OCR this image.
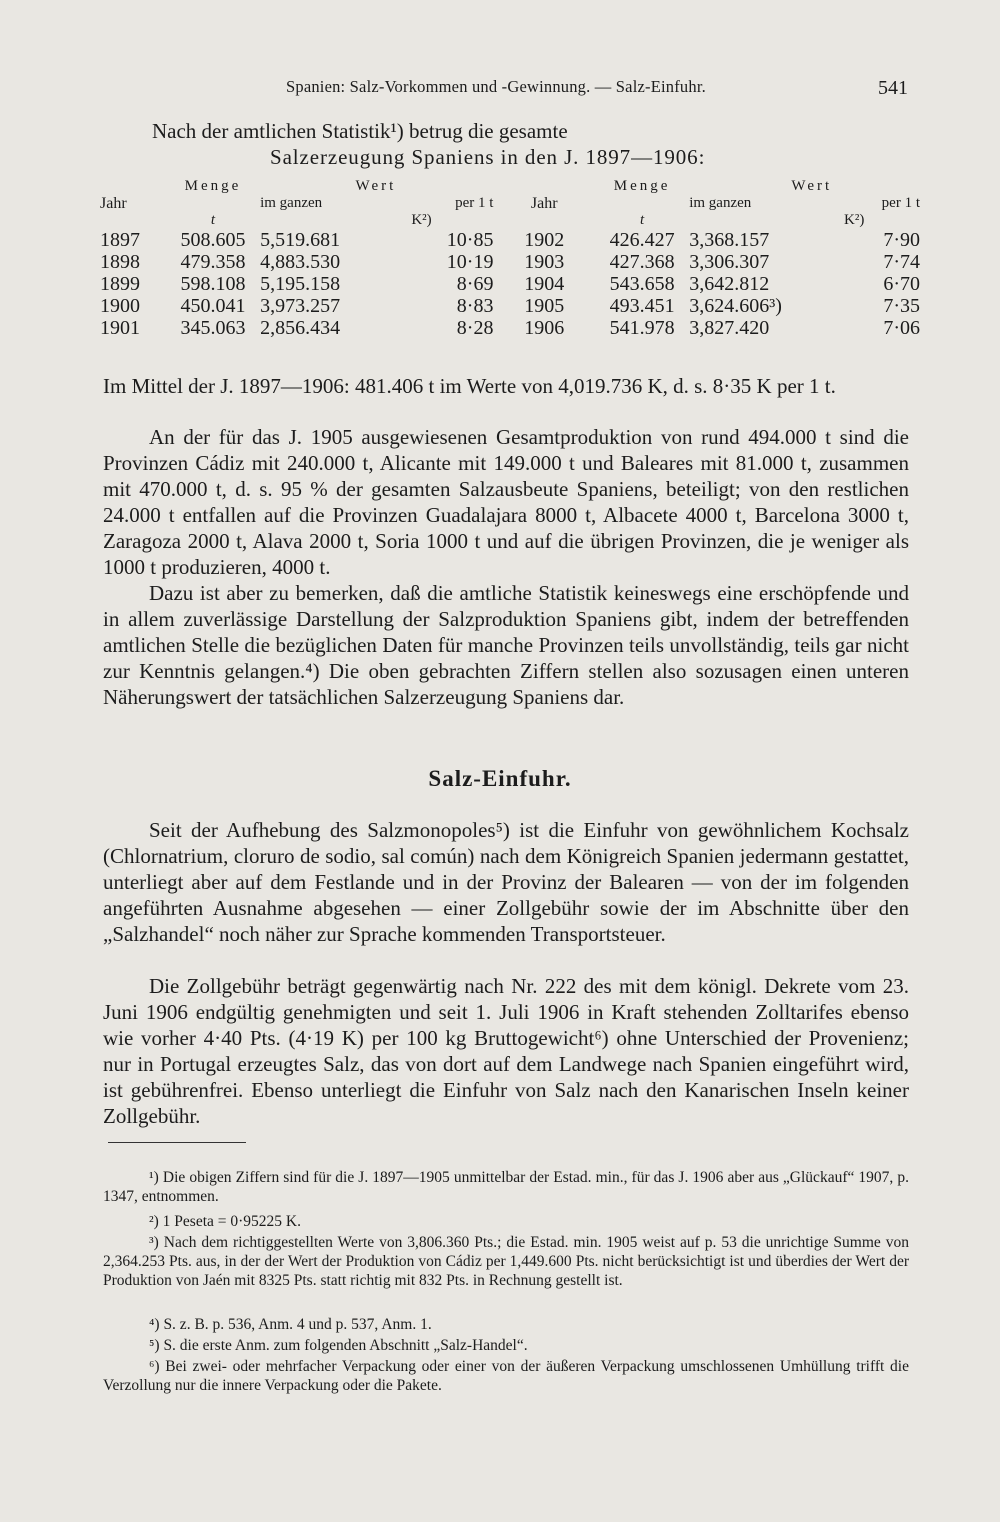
Spanien: Salz-Vorkommen und -Gewinnung. — Salz-Einfuhr.	541

Nach der amtlichen Statistik¹) betrug die gesamte

Salzerzeugung Spaniens in den J. 1897—1906:

	Menge	Wert			Menge	Wert	
Jahr		im ganzen	per 1 t	Jahr		im ganzen	per 1 t
	t	K²)			t	K²)	
1897	508.605	5,519.681	10·85	1902	426.427	3,368.157	7·90
1898	479.358	4,883.530	10·19	1903	427.368	3,306.307	7·74
1899	598.108	5,195.158	8·69	1904	543.658	3,642.812	6·70
1900	450.041	3,973.257	8·83	1905	493.451	3,624.606³)	7·35
1901	345.063	2,856.434	8·28	1906	541.978	3,827.420	7·06

Im Mittel der J. 1897—1906: 481.406 t im Werte von 4,019.736 K, d. s. 8·35 K per 1 t.

An der für das J. 1905 ausgewiesenen Gesamtproduktion von rund 494.000 t sind die Provinzen Cádiz mit 240.000 t, Alicante mit 149.000 t und Baleares mit 81.000 t, zusammen mit 470.000 t, d. s. 95 % der gesamten Salzausbeute Spaniens, beteiligt; von den restlichen 24.000 t entfallen auf die Provinzen Guadalajara 8000 t, Albacete 4000 t, Barcelona 3000 t, Zaragoza 2000 t, Alava 2000 t, Soria 1000 t und auf die übrigen Provinzen, die je weniger als 1000 t produzieren, 4000 t.

Dazu ist aber zu bemerken, daß die amtliche Statistik keineswegs eine erschöpfende und in allem zuverlässige Darstellung der Salzproduktion Spaniens gibt, indem der betreffenden amtlichen Stelle die bezüglichen Daten für manche Provinzen teils unvollständig, teils gar nicht zur Kenntnis gelangen.⁴) Die oben gebrachten Ziffern stellen also sozusagen einen unteren Näherungswert der tatsächlichen Salzerzeugung Spaniens dar.

Salz-Einfuhr.

Seit der Aufhebung des Salzmonopoles⁵) ist die Einfuhr von gewöhnlichem Kochsalz (Chlornatrium, cloruro de sodio, sal común) nach dem Königreich Spanien jedermann gestattet, unterliegt aber auf dem Festlande und in der Provinz der Balearen — von der im folgenden angeführten Ausnahme abgesehen — einer Zollgebühr sowie der im Abschnitte über den „Salzhandel“ noch näher zur Sprache kommenden Transportsteuer.

Die Zollgebühr beträgt gegenwärtig nach Nr. 222 des mit dem königl. Dekrete vom 23. Juni 1906 endgültig genehmigten und seit 1. Juli 1906 in Kraft stehenden Zolltarifes ebenso wie vorher 4·40 Pts. (4·19 K) per 100 kg Bruttogewicht⁶) ohne Unterschied der Provenienz; nur in Portugal erzeugtes Salz, das von dort auf dem Landwege nach Spanien eingeführt wird, ist gebührenfrei. Ebenso unterliegt die Einfuhr von Salz nach den Kanarischen Inseln keiner Zollgebühr.

¹) Die obigen Ziffern sind für die J. 1897—1905 unmittelbar der Estad. min., für das J. 1906 aber aus „Glückauf“ 1907, p. 1347, entnommen.

²) 1 Peseta = 0·95225 K.

³) Nach dem richtiggestellten Werte von 3,806.360 Pts.; die Estad. min. 1905 weist auf p. 53 die unrichtige Summe von 2,364.253 Pts. aus, in der der Wert der Produktion von Cádiz per 1,449.600 Pts. nicht berücksichtigt ist und überdies der Wert der Produktion von Jaén mit 8325 Pts. statt richtig mit 832 Pts. in Rechnung gestellt ist.

⁴) S. z. B. p. 536, Anm. 4 und p. 537, Anm. 1.

⁵) S. die erste Anm. zum folgenden Abschnitt „Salz-Handel“.

⁶) Bei zwei- oder mehrfacher Verpackung oder einer von der äußeren Verpackung umschlossenen Umhüllung trifft die Verzollung nur die innere Verpackung oder die Pakete.
